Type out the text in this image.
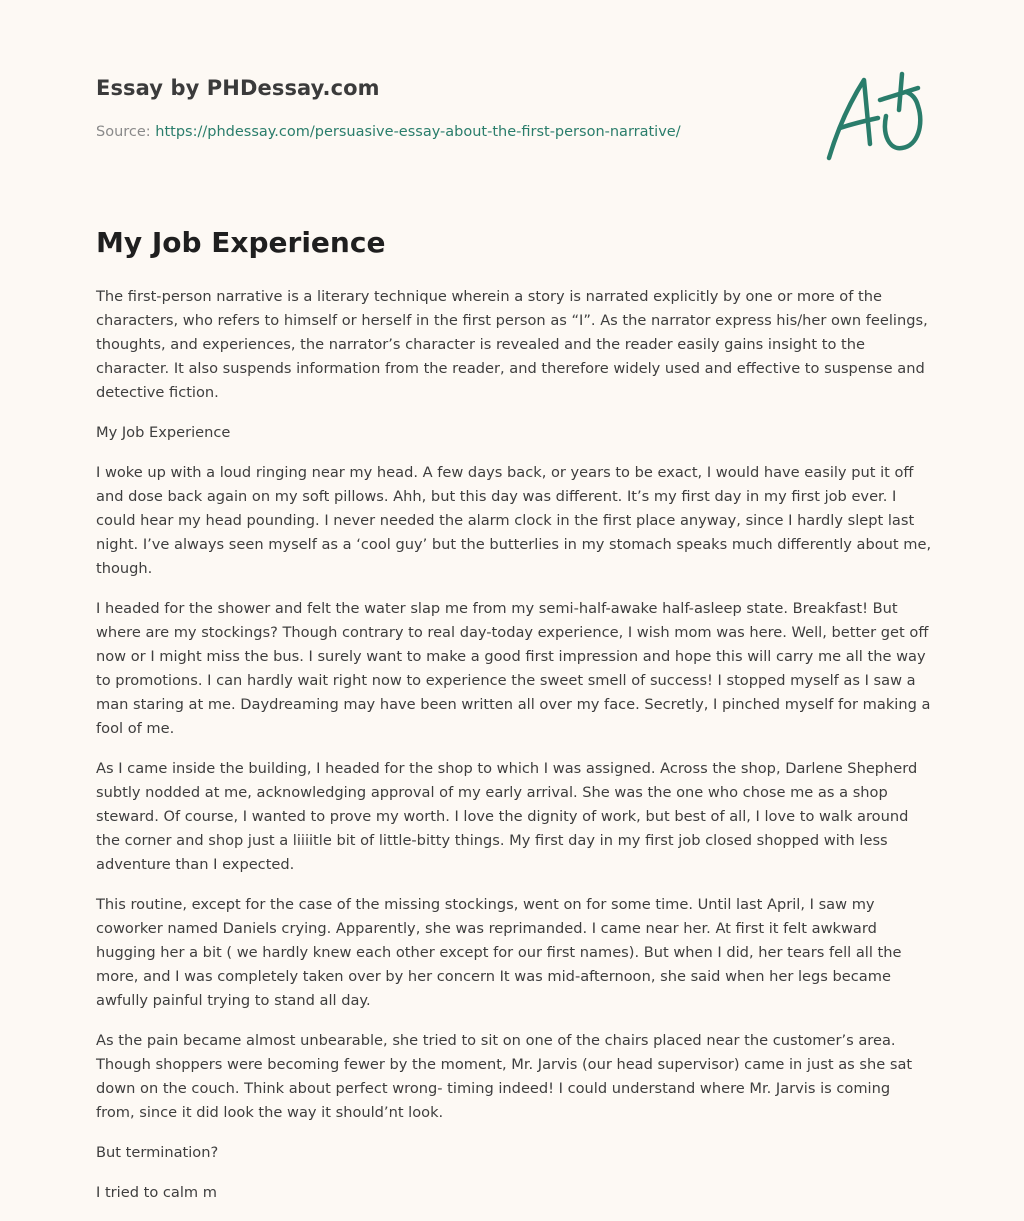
Essay by PHDessay.com
Source: https://phdessay.com/persuasive-essay-about-the-first-person-narrative/
My Job Experience

The first-person narrative is a literary technique wherein a story is narrated explicitly by one or more of the characters, who refers to himself or herself in the first person as “I”. As the narrator express his/her own feelings, thoughts, and experiences, the narrator’s character is revealed and the reader easily gains insight to the character. It also suspends information from the reader, and therefore widely used and effective to suspense and detective fiction.

My Job Experience

I woke up with a loud ringing near my head. A few days back, or years to be exact, I would have easily put it off and dose back again on my soft pillows. Ahh, but this day was different. It’s my first day in my first job ever. I could hear my head pounding. I never needed the alarm clock in the first place anyway, since I hardly slept last night. I’ve always seen myself as a ‘cool guy’ but the butterlies in my stomach speaks much differently about me, though.

I headed for the shower and felt the water slap me from my semi-half-awake half-asleep state. Breakfast! But where are my stockings? Though contrary to real day-today experience, I wish mom was here. Well, better get off now or I might miss the bus. I surely want to make a good first impression and hope this will carry me all the way to promotions. I can hardly wait right now to experience the sweet smell of success! I stopped myself as I saw a man staring at me. Daydreaming may have been written all over my face. Secretly, I pinched myself for making a fool of me.

As I came inside the building, I headed for the shop to which I was assigned. Across the shop, Darlene Shepherd subtly nodded at me, acknowledging approval of my early arrival. She was the one who chose me as a shop steward. Of course, I wanted to prove my worth. I love the dignity of work, but best of all, I love to walk around the corner and shop just a liiiitle bit of little-bitty things. My first day in my first job closed shopped with less adventure than I expected.

This routine, except for the case of the missing stockings, went on for some time. Until last April, I saw my coworker named Daniels crying. Apparently, she was reprimanded. I came near her. At first it felt awkward hugging her a bit ( we hardly knew each other except for our first names). But when I did, her tears fell all the more, and I was completely taken over by her concern It was mid-afternoon, she said when her legs became awfully painful trying to stand all day.

As the pain became almost unbearable, she tried to sit on one of the chairs placed near the customer’s area. Though shoppers were becoming fewer by the moment, Mr. Jarvis (our head supervisor) came in just as she sat down on the couch. Think about perfect wrong- timing indeed! I could understand where Mr. Jarvis is coming from, since it did look the way it should’nt look.

But termination?

I tried to calm m
